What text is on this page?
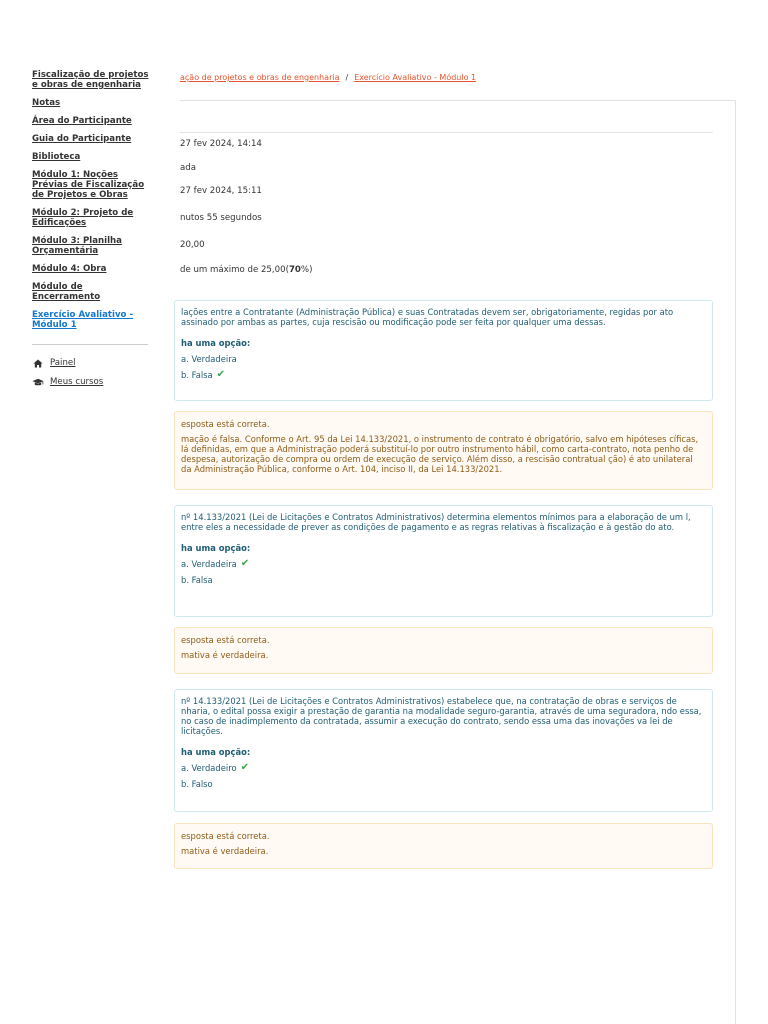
Fiscalização de projetos e obras de engenharia
Notas
Área do Participante
Guia do Participante
Biblioteca
Módulo 1: Noções Prévias de Fiscalização de Projetos e Obras
Módulo 2: Projeto de Edificações
Módulo 3: Planilha Orçamentária
Módulo 4: Obra
Módulo de Encerramento
Exercício Avaliativo - Módulo 1
Painel
Meus cursos
ação de projetos e obras de engenharia / Exercício Avaliativo - Módulo 1
27 fev 2024, 14:14
ada
27 fev 2024, 15:11
nutos 55 segundos
20,00
de um máximo de 25,00(70%)

lações entre a Contratante (Administração Pública) e suas Contratadas devem ser, obrigatoriamente, regidas por ato assinado por ambas as partes, cuja rescisão ou modificação pode ser feita por qualquer uma dessas.

ha uma opção:

a. Verdadeira
b. Falsa ✔

esposta está correta.

mação é falsa. Conforme o Art. 95 da Lei 14.133/2021, o instrumento de contrato é obrigatório, salvo em hipóteses cíficas, lá definidas, em que a Administração poderá substituí-lo por outro instrumento hábil, como carta-contrato, nota penho de despesa, autorização de compra ou ordem de execução de serviço. Além disso, a rescisão contratual ção) é ato unilateral da Administração Pública, conforme o Art. 104, inciso II, da Lei 14.133/2021.

nº 14.133/2021 (Lei de Licitações e Contratos Administrativos) determina elementos mínimos para a elaboração de um l, entre eles a necessidade de prever as condições de pagamento e as regras relativas à fiscalização e à gestão do ato.

ha uma opção:

a. Verdadeira ✔
b. Falsa

esposta está correta.

mativa é verdadeira.

nº 14.133/2021 (Lei de Licitações e Contratos Administrativos) estabelece que, na contratação de obras e serviços de nharia, o edital possa exigir a prestação de garantia na modalidade seguro-garantia, através de uma seguradora, ndo essa, no caso de inadimplemento da contratada, assumir a execução do contrato, sendo essa uma das inovações va lei de licitações.

ha uma opção:

a. Verdadeiro ✔
b. Falso

esposta está correta.

mativa é verdadeira.
